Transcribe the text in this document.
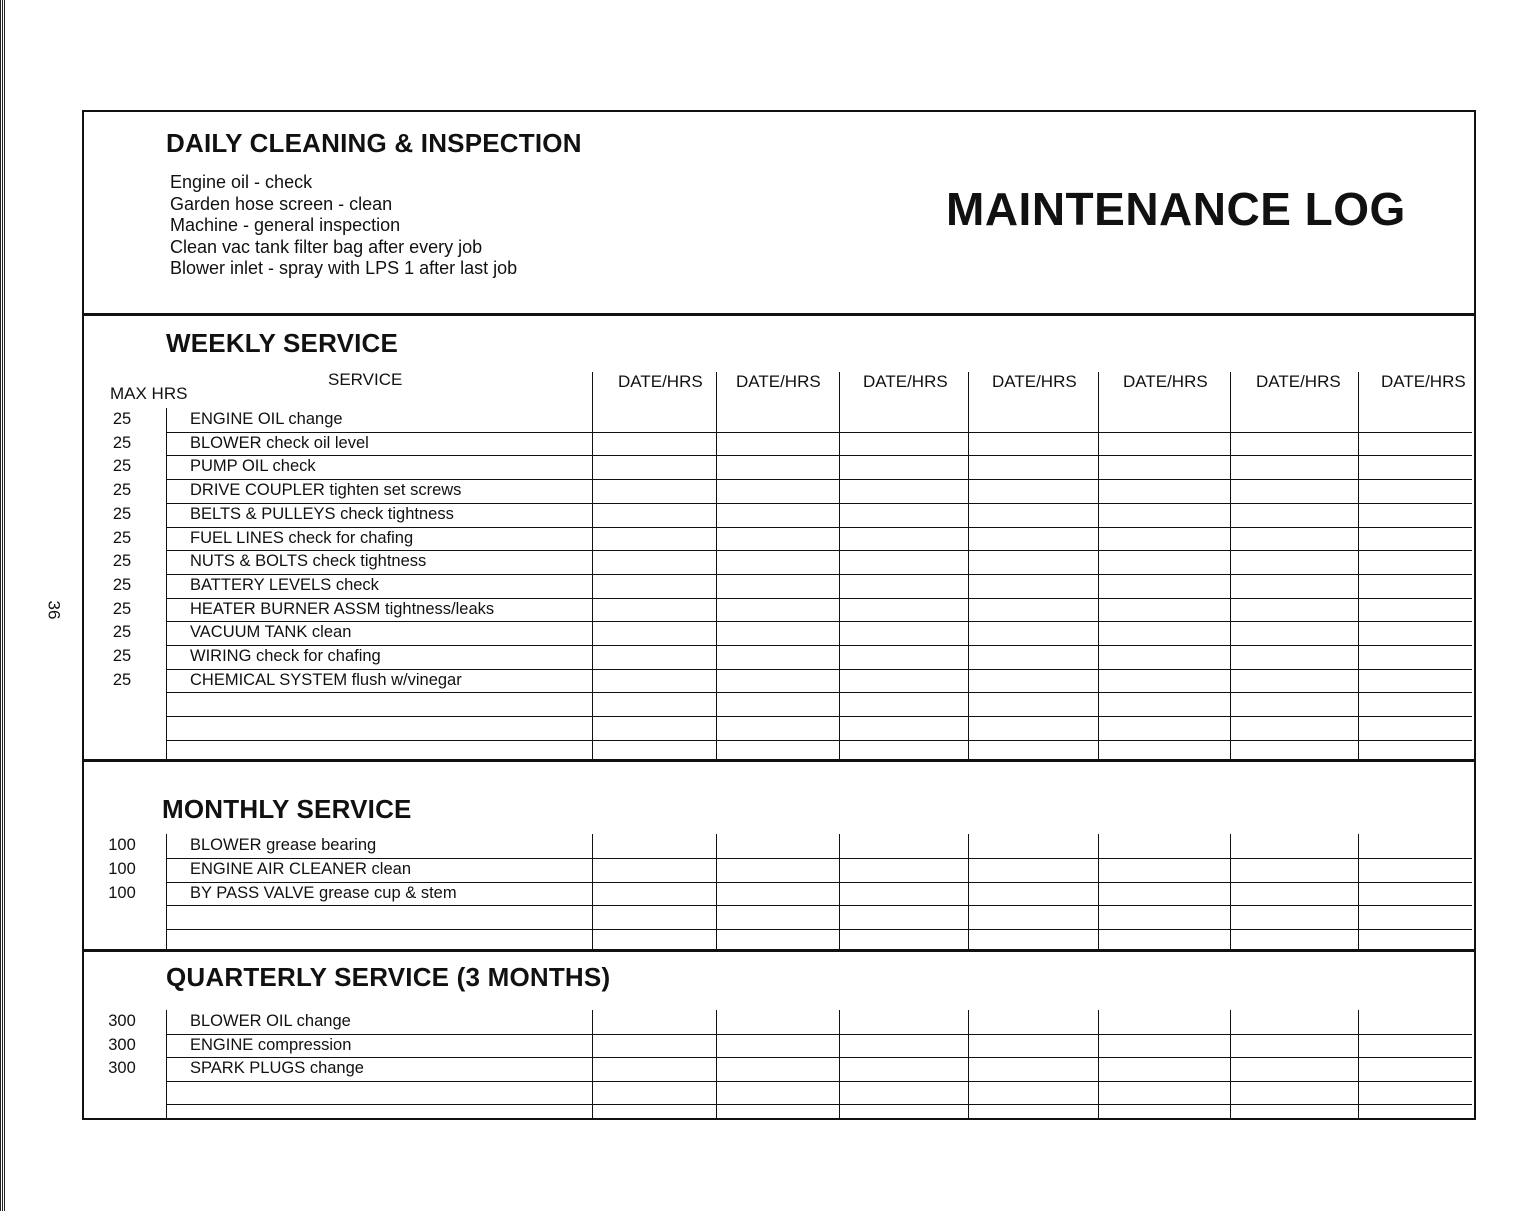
36
DAILY CLEANING & INSPECTION
Engine oil - check
Garden hose screen - clean
Machine - general inspection
Clean vac tank filter bag after every job
Blower inlet - spray with LPS 1 after last job
MAINTENANCE LOG
WEEKLY SERVICE
MAX HRS
SERVICE	DATE/HRS DATE/HRS DATE/HRS	DATE/HRS	DATE/HRS	DATE/HRS DATE/HRS
25	ENGINE OIL change
25	BLOWER check oil level
25	PUMP OIL check
25	DRIVE COUPLER tighten set screws
25	BELTS & PULLEYS check tightness
25	FUEL LINES check for chafing
25	NUTS & BOLTS check tightness
25	BATTERY LEVELS check
25	HEATER BURNER ASSM tightness/leaks
25	VACUUM TANK clean
25	WIRING check for chafing
25	CHEMICAL SYSTEM flush w/vinegar
MONTHLY SERVICE
100	BLOWER grease bearing
100	ENGINE AIR CLEANER clean
100	BY PASS VALVE grease cup & stem
QUARTERLY SERVICE (3 MONTHS)
300	BLOWER OIL change
300	ENGINE compression
300	SPARK PLUGS change
